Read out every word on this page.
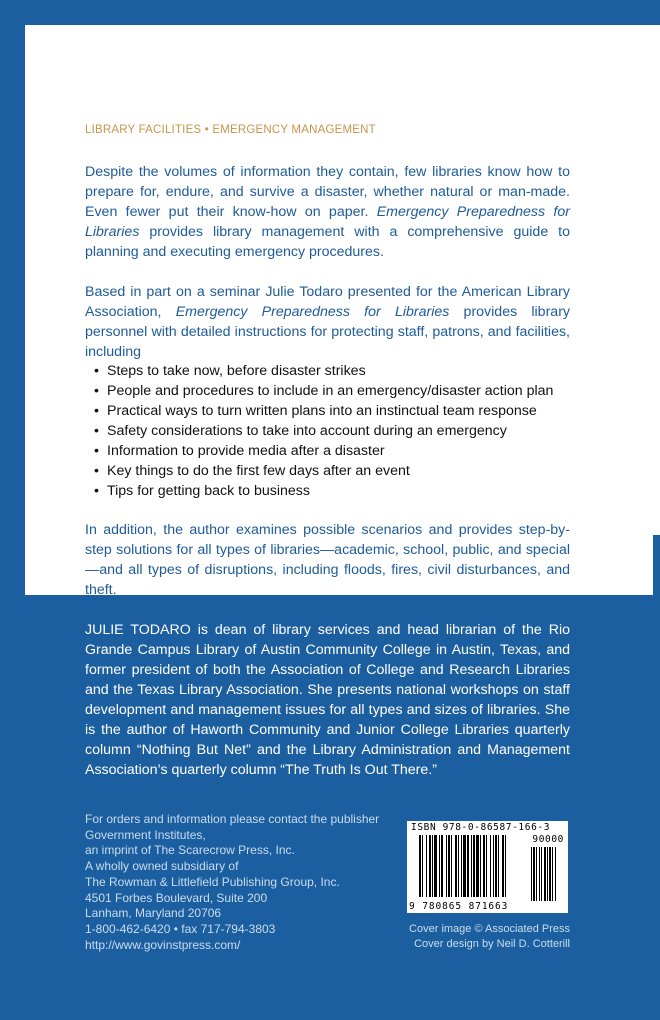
LIBRARY FACILITIES • EMERGENCY MANAGEMENT

Despite the volumes of information they contain, few libraries know how to prepare for, endure, and survive a disaster, whether natural or man-made. Even fewer put their know-how on paper. Emergency Preparedness for Libraries provides library management with a comprehensive guide to planning and executing emergency procedures.

Based in part on a seminar Julie Todaro presented for the American Library Association, Emergency Preparedness for Libraries provides library personnel with detailed instructions for protecting staff, patrons, and facilities, including

• Steps to take now, before disaster strikes
• People and procedures to include in an emergency/disaster action plan
• Practical ways to turn written plans into an instinctual team response
• Safety considerations to take into account during an emergency
• Information to provide media after a disaster
• Key things to do the first few days after an event
• Tips for getting back to business

In addition, the author examines possible scenarios and provides step-by-step solutions for all types of libraries—academic, school, public, and special—and all types of disruptions, including floods, fires, civil disturbances, and theft.

JULIE TODARO is dean of library services and head librarian of the Rio Grande Campus Library of Austin Community College in Austin, Texas, and former president of both the Association of College and Research Libraries and the Texas Library Association. She presents national workshops on staff development and management issues for all types and sizes of libraries. She is the author of Haworth Community and Junior College Libraries quarterly column “Nothing But Net” and the Library Administration and Management Association’s quarterly column “The Truth Is Out There.”

For orders and information please contact the publisher
Government Institutes,
an imprint of The Scarecrow Press, Inc.
A wholly owned subsidiary of
The Rowman & Littlefield Publishing Group, Inc.
4501 Forbes Boulevard, Suite 200
Lanham, Maryland 20706
1-800-462-6420 • fax 717-794-3803
http://www.govinstpress.com/
ISBN 978-0-86587-166-3
90000
9 780865 871663
Cover image © Associated Press
Cover design by Neil D. Cotterill
